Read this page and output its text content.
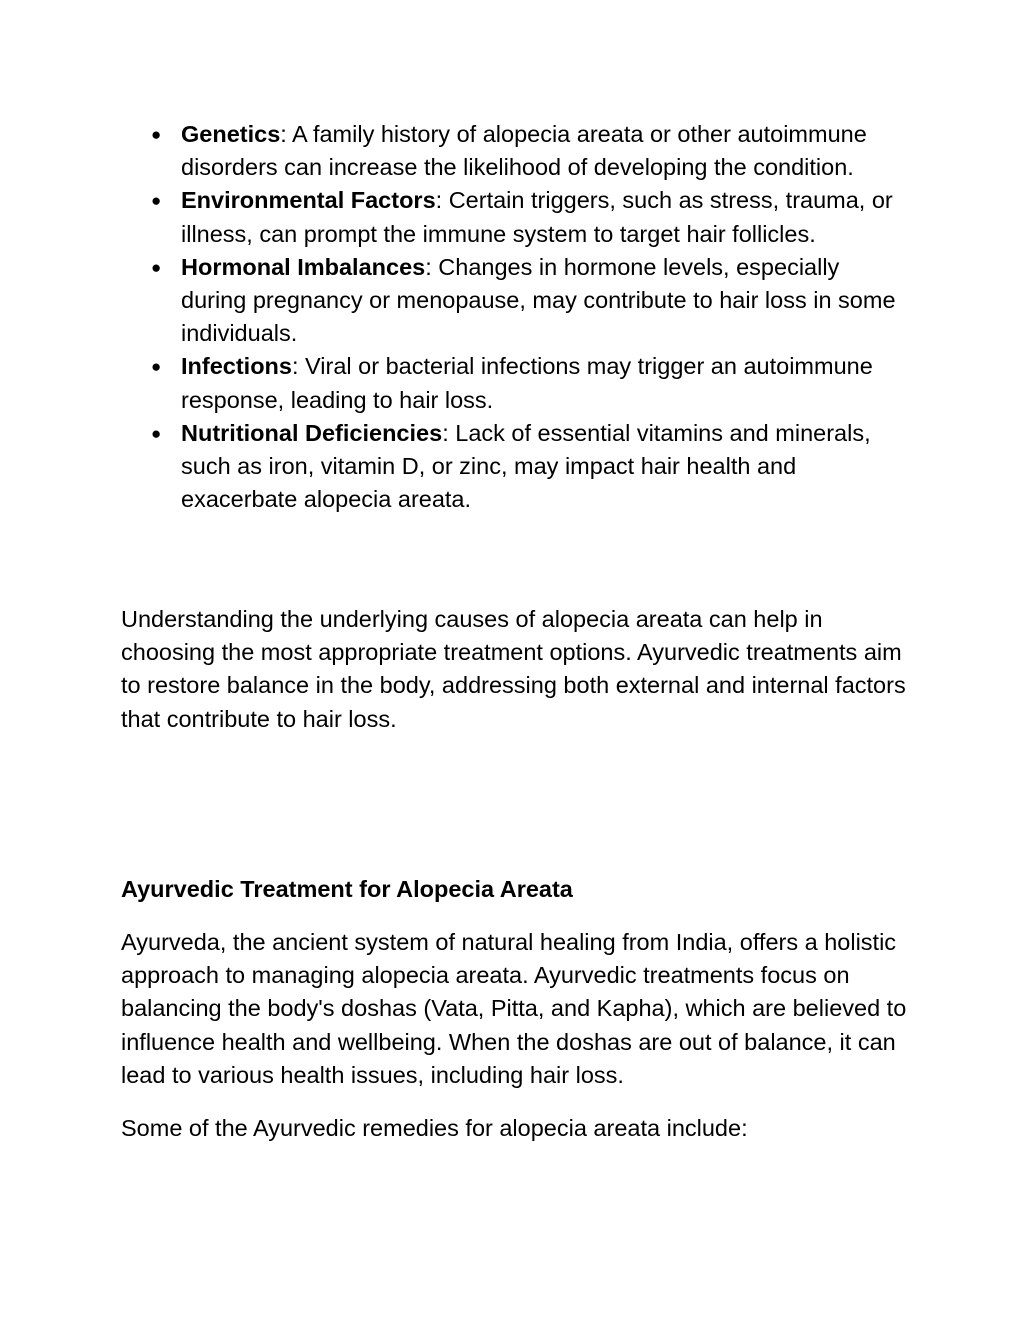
● Genetics: A family history of alopecia areata or other autoimmune disorders can increase the likelihood of developing the condition.
● Environmental Factors: Certain triggers, such as stress, trauma, or illness, can prompt the immune system to target hair follicles.
● Hormonal Imbalances: Changes in hormone levels, especially during pregnancy or menopause, may contribute to hair loss in some individuals.
● Infections: Viral or bacterial infections may trigger an autoimmune response, leading to hair loss.
● Nutritional Deficiencies: Lack of essential vitamins and minerals, such as iron, vitamin D, or zinc, may impact hair health and exacerbate alopecia areata.

Understanding the underlying causes of alopecia areata can help in choosing the most appropriate treatment options. Ayurvedic treatments aim to restore balance in the body, addressing both external and internal factors that contribute to hair loss.

Ayurvedic Treatment for Alopecia Areata

Ayurveda, the ancient system of natural healing from India, offers a holistic approach to managing alopecia areata. Ayurvedic treatments focus on balancing the body's doshas (Vata, Pitta, and Kapha), which are believed to influence health and wellbeing. When the doshas are out of balance, it can lead to various health issues, including hair loss.

Some of the Ayurvedic remedies for alopecia areata include:
